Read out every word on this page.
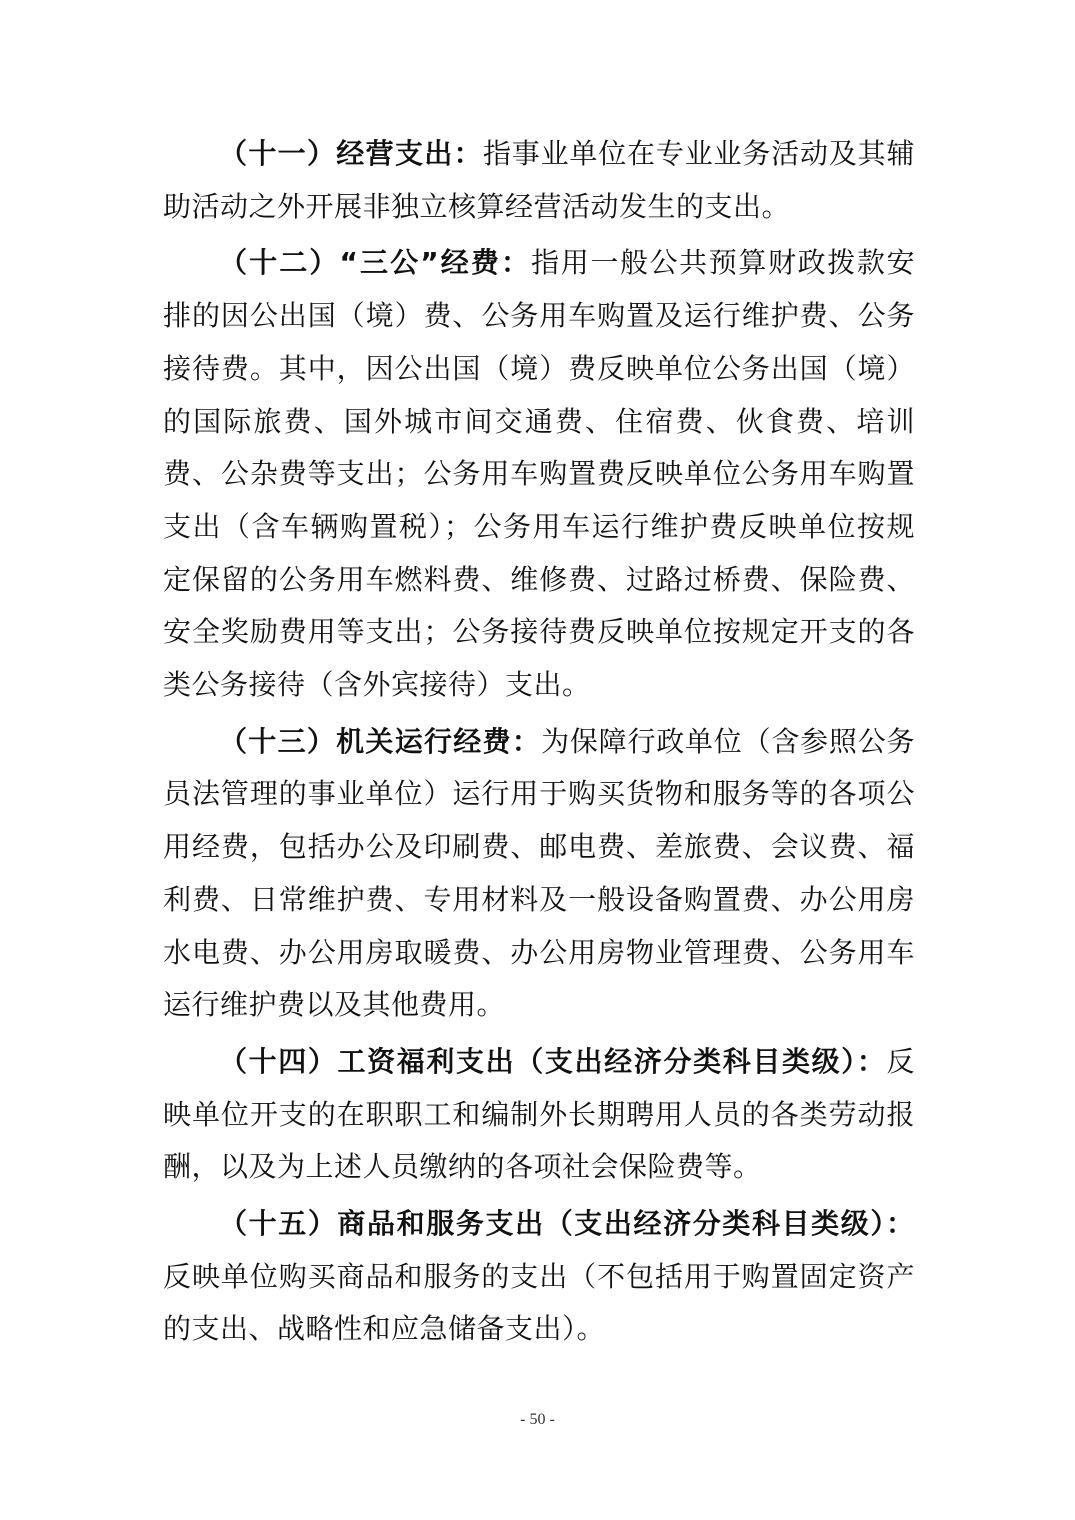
（十一）经营支出：指事业单位在专业业务活动及其辅助活动之外开展非独立核算经营活动发生的支出。

（十二）“三公”经费：指用一般公共预算财政拨款安排的因公出国（境）费、公务用车购置及运行维护费、公务接待费。其中，因公出国（境）费反映单位公务出国（境）的国际旅费、国外城市间交通费、住宿费、伙食费、培训费、公杂费等支出；公务用车购置费反映单位公务用车购置支出（含车辆购置税）；公务用车运行维护费反映单位按规定保留的公务用车燃料费、维修费、过路过桥费、保险费、安全奖励费用等支出；公务接待费反映单位按规定开支的各类公务接待（含外宾接待）支出。

（十三）机关运行经费：为保障行政单位（含参照公务员法管理的事业单位）运行用于购买货物和服务等的各项公用经费，包括办公及印刷费、邮电费、差旅费、会议费、福利费、日常维护费、专用材料及一般设备购置费、办公用房水电费、办公用房取暖费、办公用房物业管理费、公务用车运行维护费以及其他费用。

（十四）工资福利支出（支出经济分类科目类级）：反映单位开支的在职职工和编制外长期聘用人员的各类劳动报酬，以及为上述人员缴纳的各项社会保险费等。

（十五）商品和服务支出（支出经济分类科目类级）：反映单位购买商品和服务的支出（不包括用于购置固定资产的支出、战略性和应急储备支出）。

- 50 -
